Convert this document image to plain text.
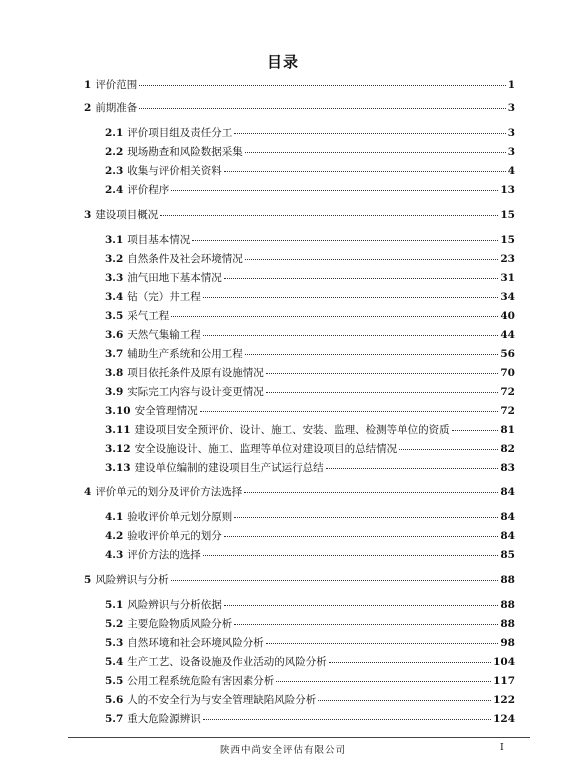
目录
1 评价范围	1
2 前期准备	3
2.1 评价项目组及责任分工	3
2.2 现场勘查和风险数据采集	3
2.3 收集与评价相关资料	4
2.4 评价程序	13
3 建设项目概况	15
3.1 项目基本情况	15
3.2 自然条件及社会环境情况	23
3.3 油气田地下基本情况	31
3.4 钻（完）井工程	34
3.5 采气工程	40
3.6 天然气集输工程	44
3.7 辅助生产系统和公用工程	56
3.8 项目依托条件及原有设施情况	70
3.9 实际完工内容与设计变更情况	72
3.10 安全管理情况	72
3.11 建设项目安全预评价、设计、施工、安装、监理、检测等单位的资质	81
3.12 安全设施设计、施工、监理等单位对建设项目的总结情况	82
3.13 建设单位编制的建设项目生产试运行总结	83
4 评价单元的划分及评价方法选择	84
4.1 验收评价单元划分原则	84
4.2 验收评价单元的划分	84
4.3 评价方法的选择	85
5 风险辨识与分析	88
5.1 风险辨识与分析依据	88
5.2 主要危险物质风险分析	88
5.3 自然环境和社会环境风险分析	98
5.4 生产工艺、设备设施及作业活动的风险分析	104
5.5 公用工程系统危险有害因素分析	117
5.6 人的不安全行为与安全管理缺陷风险分析	122
5.7 重大危险源辨识	124
陕西中尚安全评估有限公司	I
